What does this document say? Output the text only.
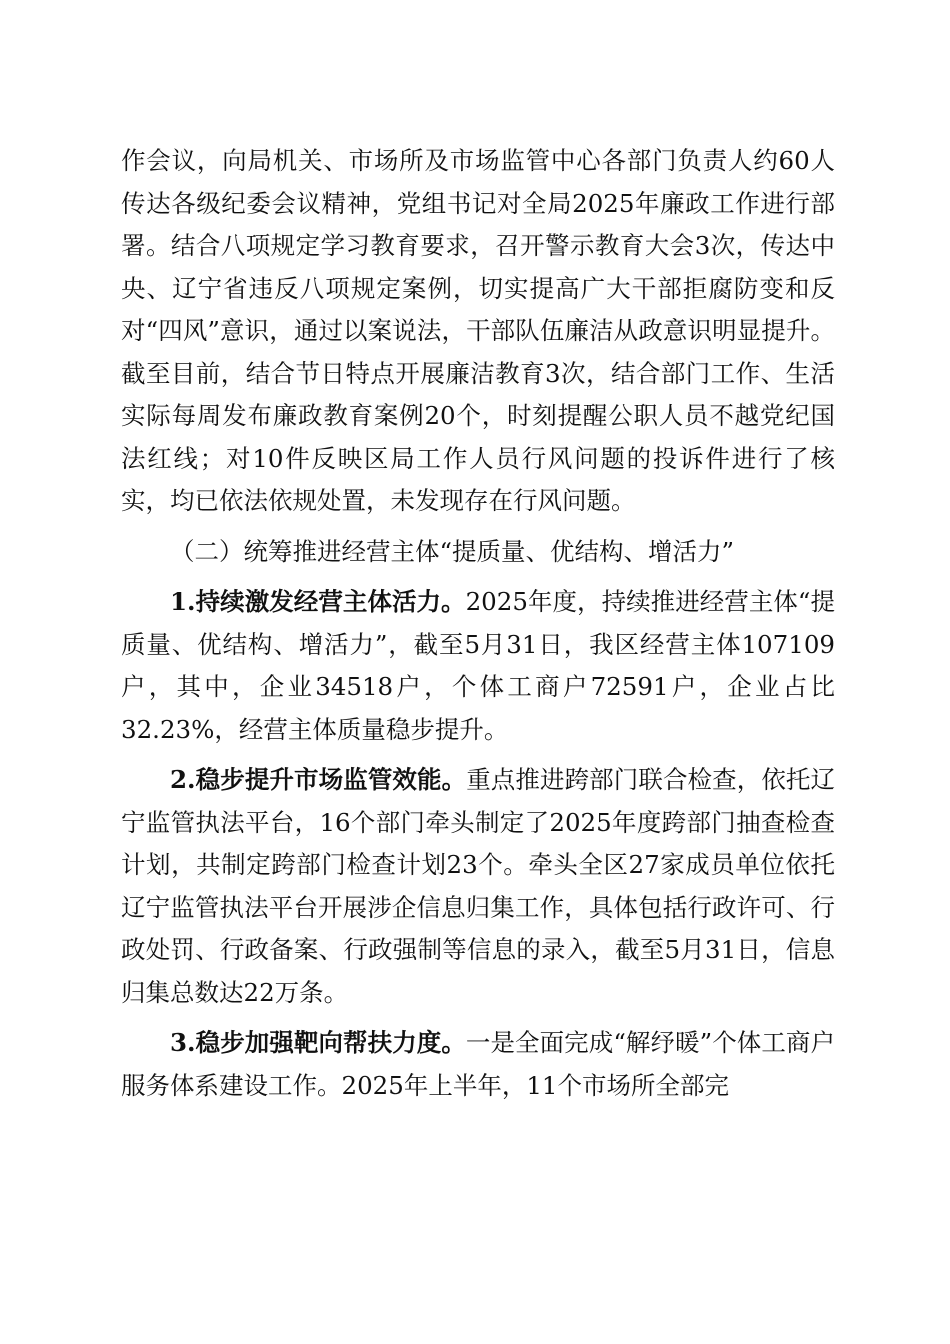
作会议，向局机关、市场所及市场监管中心各部门负责人约60人传达各级纪委会议精神，党组书记对全局2025年廉政工作进行部署。结合八项规定学习教育要求，召开警示教育大会3次，传达中央、辽宁省违反八项规定案例，切实提高广大干部拒腐防变和反对“四风”意识，通过以案说法，干部队伍廉洁从政意识明显提升。截至目前，结合节日特点开展廉洁教育3次，结合部门工作、生活实际每周发布廉政教育案例20个，时刻提醒公职人员不越党纪国法红线；对10件反映区局工作人员行风问题的投诉件进行了核实，均已依法依规处置，未发现存在行风问题。

（二）统筹推进经营主体“提质量、优结构、增活力”

1.持续激发经营主体活力。2025年度，持续推进经营主体“提质量、优结构、增活力”，截至5月31日，我区经营主体107109户，其中，企业34518户，个体工商户72591户，企业占比32.23%，经营主体质量稳步提升。

2.稳步提升市场监管效能。重点推进跨部门联合检查，依托辽宁监管执法平台，16个部门牵头制定了2025年度跨部门抽查检查计划，共制定跨部门检查计划23个。牵头全区27家成员单位依托辽宁监管执法平台开展涉企信息归集工作，具体包括行政许可、行政处罚、行政备案、行政强制等信息的录入，截至5月31日，信息归集总数达22万条。

3.稳步加强靶向帮扶力度。一是全面完成“解纾暖”个体工商户服务体系建设工作。2025年上半年，11个市场所全部完
